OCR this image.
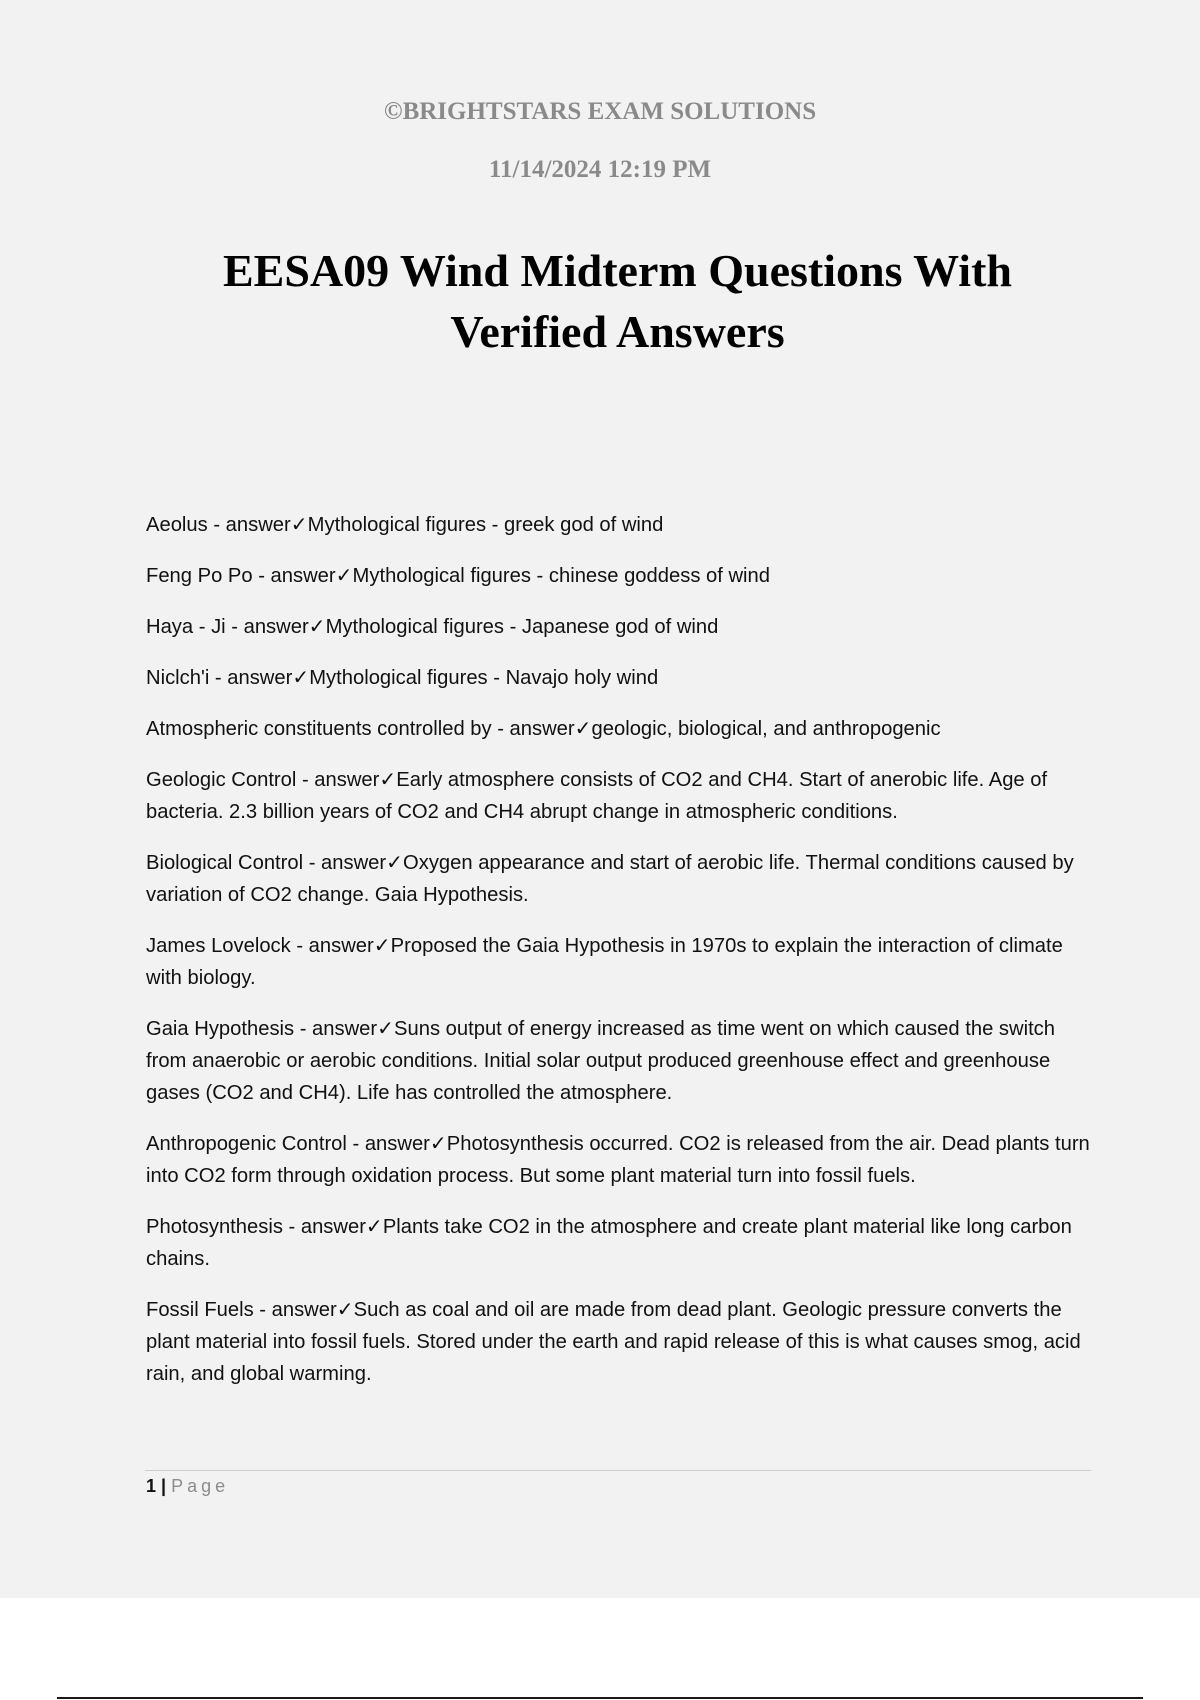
©BRIGHTSTARS EXAM SOLUTIONS

11/14/2024 12:19 PM

EESA09 Wind Midterm Questions With
Verified Answers
Aeolus - answer✓Mythological figures - greek god of wind
Feng Po Po - answer✓Mythological figures - chinese goddess of wind
Haya - Ji - answer✓Mythological figures - Japanese god of wind
Niclch'i - answer✓Mythological figures - Navajo holy wind
Atmospheric constituents controlled by - answer✓geologic, biological, and anthropogenic
Geologic Control - answer✓Early atmosphere consists of CO2 and CH4. Start of anerobic life. Age of bacteria. 2.3 billion years of CO2 and CH4 abrupt change in atmospheric conditions.
Biological Control - answer✓Oxygen appearance and start of aerobic life. Thermal conditions caused by variation of CO2 change. Gaia Hypothesis.
James Lovelock - answer✓Proposed the Gaia Hypothesis in 1970s to explain the interaction of climate with biology.
Gaia Hypothesis - answer✓Suns output of energy increased as time went on which caused the switch from anaerobic or aerobic conditions. Initial solar output produced greenhouse effect and greenhouse gases (CO2 and CH4). Life has controlled the atmosphere.
Anthropogenic Control - answer✓Photosynthesis occurred. CO2 is released from the air. Dead plants turn into CO2 form through oxidation process. But some plant material turn into fossil fuels.
Photosynthesis - answer✓Plants take CO2 in the atmosphere and create plant material like long carbon chains.
Fossil Fuels - answer✓Such as coal and oil are made from dead plant. Geologic pressure converts the plant material into fossil fuels. Stored under the earth and rapid release of this is what causes smog, acid rain, and global warming.
1 | Page
